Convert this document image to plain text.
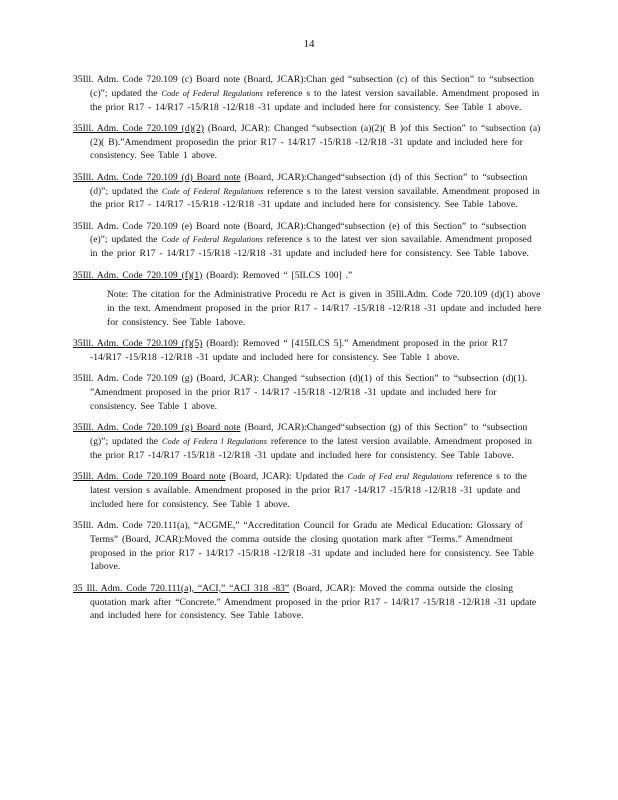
14
35Ill. Adm. Code 720.109 (c) Board note (Board, JCAR):Chan ged “subsection (c) of this Section” to “subsection (c)”; updated the Code of Federal Regulations reference s to the latest version savailable. Amendment proposed in the prior R17 - 14/R17 -15/R18 -12/R18 -31 update and included here for consistency. See Table 1 above.
35Ill. Adm. Code 720.109 (d)(2) (Board, JCAR): Changed “subsection (a)(2)( B )of this Section” to “subsection (a)(2)( B).”Amendment proposedin the prior R17 - 14/R17 -15/R18 -12/R18 -31 update and included here for consistency. See Table 1 above.
35Ill. Adm. Code 720.109 (d) Board note (Board, JCAR):Changed“subsection (d) of this Section” to “subsection (d)”; updated the Code of Federal Regulations reference s to the latest version savailable. Amendment proposed in the prior R17 - 14/R17 -15/R18 -12/R18 -31 update and included here for consistency. See Table 1above.
35Ill. Adm. Code 720.109 (e) Board note (Board, JCAR):Changed“subsection (e) of this Section” to “subsection (e)”; updated the Code of Federal Regulations reference s to the latest ver sion savailable. Amendment proposed in the prior R17 - 14/R17 -15/R18 -12/R18 -31 update and included here for consistency. See Table 1above.
35Ill. Adm. Code 720.109 (f)(1) (Board): Removed “ [5ILCS 100] .”
Note: The citation for the Administrative Procedu re Act is given in 35Ill.Adm. Code 720.109 (d)(1) above in the text. Amendment proposed in the prior R17 - 14/R17 -15/R18 -12/R18 -31 update and included here for consistency. See Table 1above.
35Ill. Adm. Code 720.109 (f)(5) (Board): Removed “ [415ILCS 5].” Amendment proposed in the prior R17 -14/R17 -15/R18 -12/R18 -31 update and included here for consistency. See Table 1 above.
35Ill. Adm. Code 720.109 (g) (Board, JCAR): Changed “subsection (d)(1) of this Section” to “subsection (d)(1). ”Amendment proposed in the prior R17 - 14/R17 -15/R18 -12/R18 -31 update and included here for consistency. See Table 1 above.
35Ill. Adm. Code 720.109 (g) Board note (Board, JCAR):Changed“subsection (g) of this Section” to “subsection (g)”; updated the Code of Federa l Regulations reference to the latest version available. Amendment proposed in the prior R17 -14/R17 -15/R18 -12/R18 -31 update and included here for consistency. See Table 1above.
35Ill. Adm. Code 720.109 Board note (Board, JCAR): Updated the Code of Fed eral Regulations reference s to the latest version s available. Amendment proposed in the prior R17 -14/R17 -15/R18 -12/R18 -31 update and included here for consistency. See Table 1 above.
35Ill. Adm. Code 720.111(a), “ACGME,” “Accreditation Council for Gradu ate Medical Education: Glossary of Terms” (Board, JCAR):Moved the comma outside the closing quotation mark after “Terms.” Amendment proposed in the prior R17 - 14/R17 -15/R18 -12/R18 -31 update and included here for consistency. See Table 1above.
35 Ill. Adm. Code 720.111(a), “ACI,” “ACI 318 -83” (Board, JCAR): Moved the comma outside the closing quotation mark after “Concrete.” Amendment proposed in the prior R17 - 14/R17 -15/R18 -12/R18 -31 update and included here for consistency. See Table 1above.
